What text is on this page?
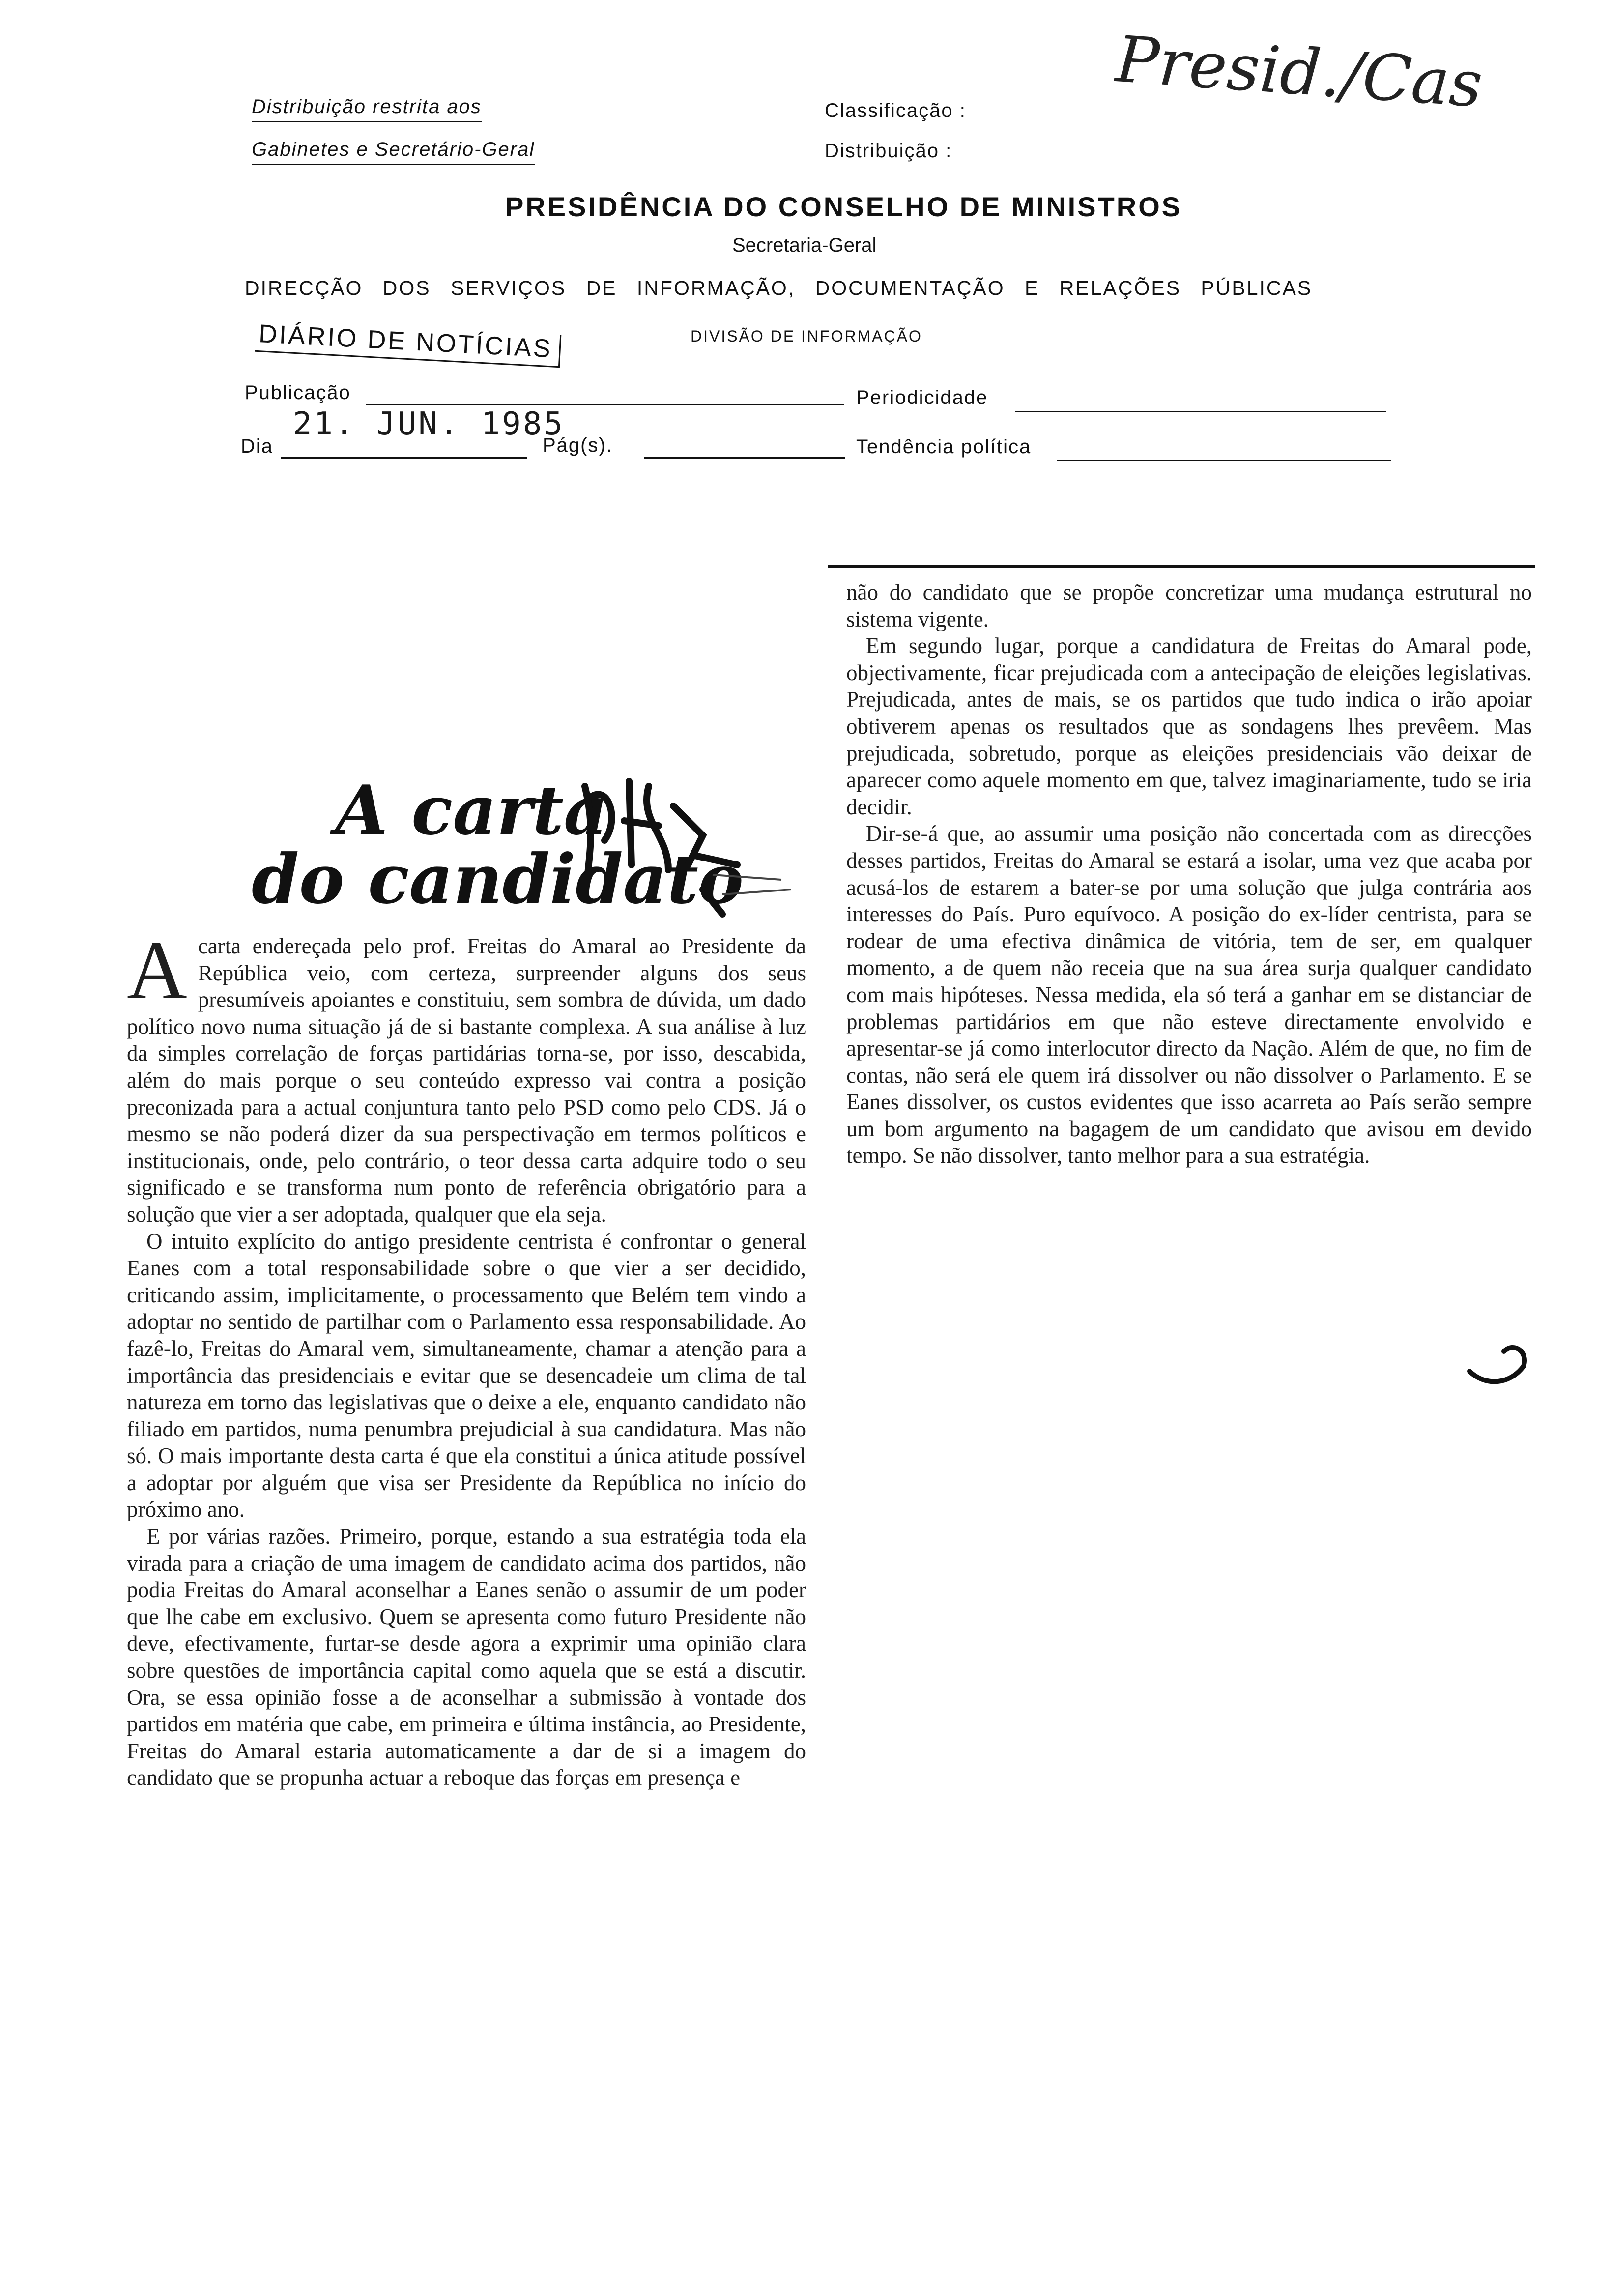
Distribuição restrita aos
Gabinetes e Secretário-Geral
Classificação :
Distribuição :
Presid./Cas
PRESIDÊNCIA DO CONSELHO DE MINISTROS
Secretaria-Geral
DIRECÇÃO DOS SERVIÇOS DE INFORMAÇÃO, DOCUMENTAÇÃO E RELAÇÕES PÚBLICAS
DIVISÃO DE INFORMAÇÃO
DIÁRIO DE NOTÍCIAS
Publicação	Periodicidade
Dia
21. JUN. 1985
Pág(s).	Tendência política
A carta
do candidato

Acarta endereçada pelo prof. Freitas do Amaral ao Presidente da República veio, com certeza, surpreender alguns dos seus presumíveis apoiantes e constituiu, sem sombra de dúvida, um dado político novo numa situação já de si bastante complexa. A sua análise à luz da simples correlação de forças partidárias torna-se, por isso, descabida, além do mais porque o seu conteúdo expresso vai contra a posição preconizada para a actual conjuntura tanto pelo PSD como pelo CDS. Já o mesmo se não poderá dizer da sua perspectivação em termos políticos e institucionais, onde, pelo contrário, o teor dessa carta adquire todo o seu significado e se transforma num ponto de referência obrigatório para a solução que vier a ser adoptada, qualquer que ela seja.

O intuito explícito do antigo presidente centrista é confrontar o general Eanes com a total responsabilidade sobre o que vier a ser decidido, criticando assim, implicitamente, o processamento que Belém tem vindo a adoptar no sentido de partilhar com o Parlamento essa responsabilidade. Ao fazê-lo, Freitas do Amaral vem, simultaneamente, chamar a atenção para a importância das presidenciais e evitar que se desencadeie um clima de tal natureza em torno das legislativas que o deixe a ele, enquanto candidato não filiado em partidos, numa penumbra prejudicial à sua candidatura. Mas não só. O mais importante desta carta é que ela constitui a única atitude possível a adoptar por alguém que visa ser Presidente da República no início do próximo ano.

E por várias razões. Primeiro, porque, estando a sua estratégia toda ela virada para a criação de uma imagem de candidato acima dos partidos, não podia Freitas do Amaral aconselhar a Eanes senão o assumir de um poder que lhe cabe em exclusivo. Quem se apresenta como futuro Presidente não deve, efectivamente, furtar-se desde agora a exprimir uma opinião clara sobre questões de importância capital como aquela que se está a discutir. Ora, se essa opinião fosse a de aconselhar a submissão à vontade dos partidos em matéria que cabe, em primeira e última instância, ao Presidente, Freitas do Amaral estaria automaticamente a dar de si a imagem do candidato que se propunha actuar a reboque das forças em presença e

não do candidato que se propõe concretizar uma mudança estrutural no sistema vigente.

Em segundo lugar, porque a candidatura de Freitas do Amaral pode, objectivamente, ficar prejudicada com a antecipação de eleições legislativas. Prejudicada, antes de mais, se os partidos que tudo indica o irão apoiar obtiverem apenas os resultados que as sondagens lhes prevêem. Mas prejudicada, sobretudo, porque as eleições presidenciais vão deixar de aparecer como aquele momento em que, talvez imaginariamente, tudo se iria decidir.

Dir-se-á que, ao assumir uma posição não concertada com as direcções desses partidos, Freitas do Amaral se estará a isolar, uma vez que acaba por acusá-los de estarem a bater-se por uma solução que julga contrária aos interesses do País. Puro equívoco. A posição do ex-líder centrista, para se rodear de uma efectiva dinâmica de vitória, tem de ser, em qualquer momento, a de quem não receia que na sua área surja qualquer candidato com mais hipóteses. Nessa medida, ela só terá a ganhar em se distanciar de problemas partidários em que não esteve directamente envolvido e apresentar-se já como interlocutor directo da Nação. Além de que, no fim de contas, não será ele quem irá dissolver ou não dissolver o Parlamento. E se Eanes dissolver, os custos evidentes que isso acarreta ao País serão sempre um bom argumento na bagagem de um candidato que avisou em devido tempo. Se não dissolver, tanto melhor para a sua estratégia.
